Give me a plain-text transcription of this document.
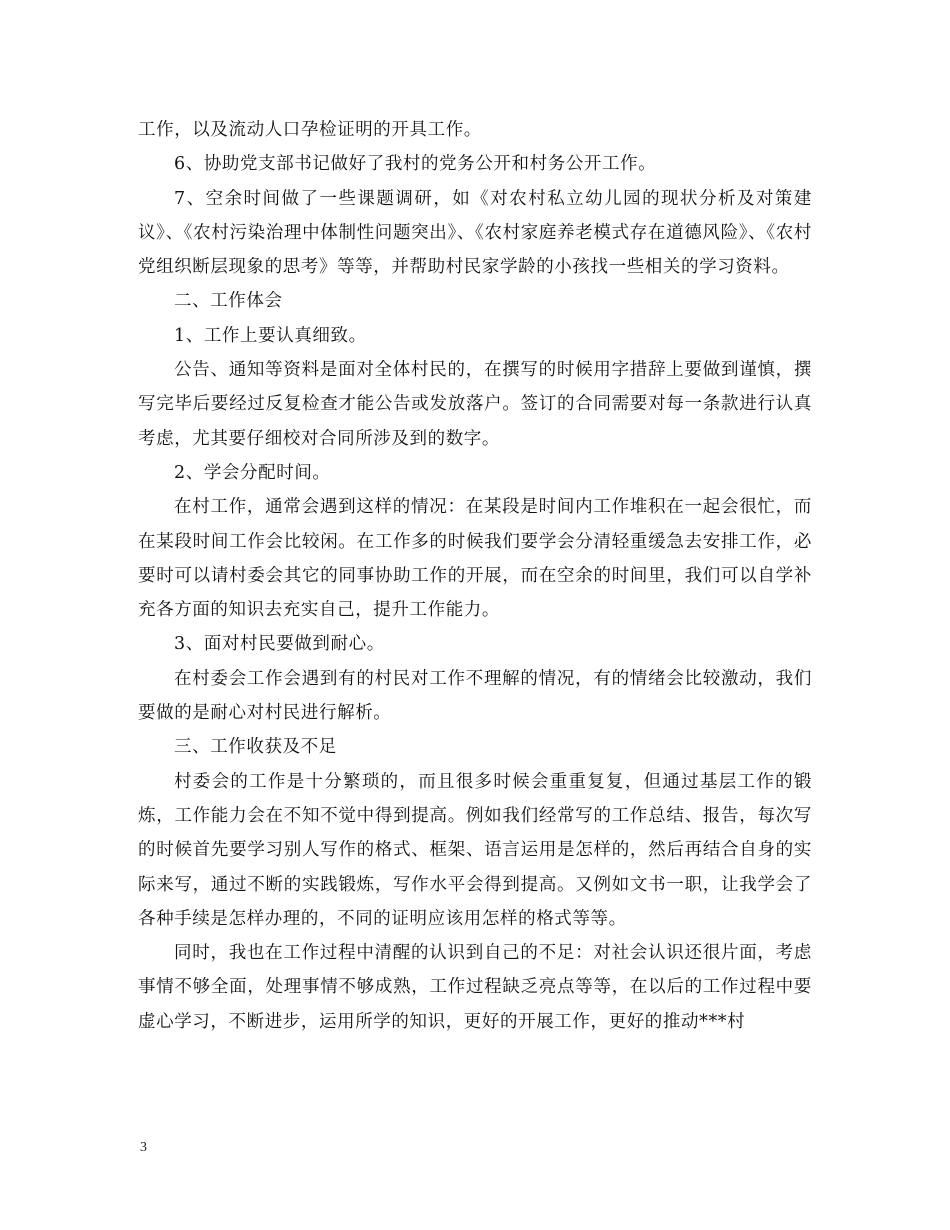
工作，以及流动人口孕检证明的开具工作。

6、协助党支部书记做好了我村的党务公开和村务公开工作。

7、空余时间做了一些课题调研，如《对农村私立幼儿园的现状分析及对策建议》、《农村污染治理中体制性问题突出》、《农村家庭养老模式存在道德风险》、《农村党组织断层现象的思考》等等，并帮助村民家学龄的小孩找一些相关的学习资料。

二、工作体会

1、工作上要认真细致。

公告、通知等资料是面对全体村民的，在撰写的时候用字措辞上要做到谨慎，撰写完毕后要经过反复检查才能公告或发放落户。签订的合同需要对每一条款进行认真考虑，尤其要仔细校对合同所涉及到的数字。

2、学会分配时间。

在村工作，通常会遇到这样的情况：在某段是时间内工作堆积在一起会很忙，而在某段时间工作会比较闲。在工作多的时候我们要学会分清轻重缓急去安排工作，必要时可以请村委会其它的同事协助工作的开展，而在空余的时间里，我们可以自学补充各方面的知识去充实自己，提升工作能力。

3、面对村民要做到耐心。

在村委会工作会遇到有的村民对工作不理解的情况，有的情绪会比较激动，我们要做的是耐心对村民进行解析。

三、工作收获及不足

村委会的工作是十分繁琐的，而且很多时候会重重复复，但通过基层工作的锻炼，工作能力会在不知不觉中得到提高。例如我们经常写的工作总结、报告，每次写的时候首先要学习别人写作的格式、框架、语言运用是怎样的，然后再结合自身的实际来写，通过不断的实践锻炼，写作水平会得到提高。又例如文书一职，让我学会了各种手续是怎样办理的，不同的证明应该用怎样的格式等等。

同时，我也在工作过程中清醒的认识到自己的不足：对社会认识还很片面，考虑事情不够全面，处理事情不够成熟，工作过程缺乏亮点等等，在以后的工作过程中要虚心学习，不断进步，运用所学的知识，更好的开展工作，更好的推动***村

3
